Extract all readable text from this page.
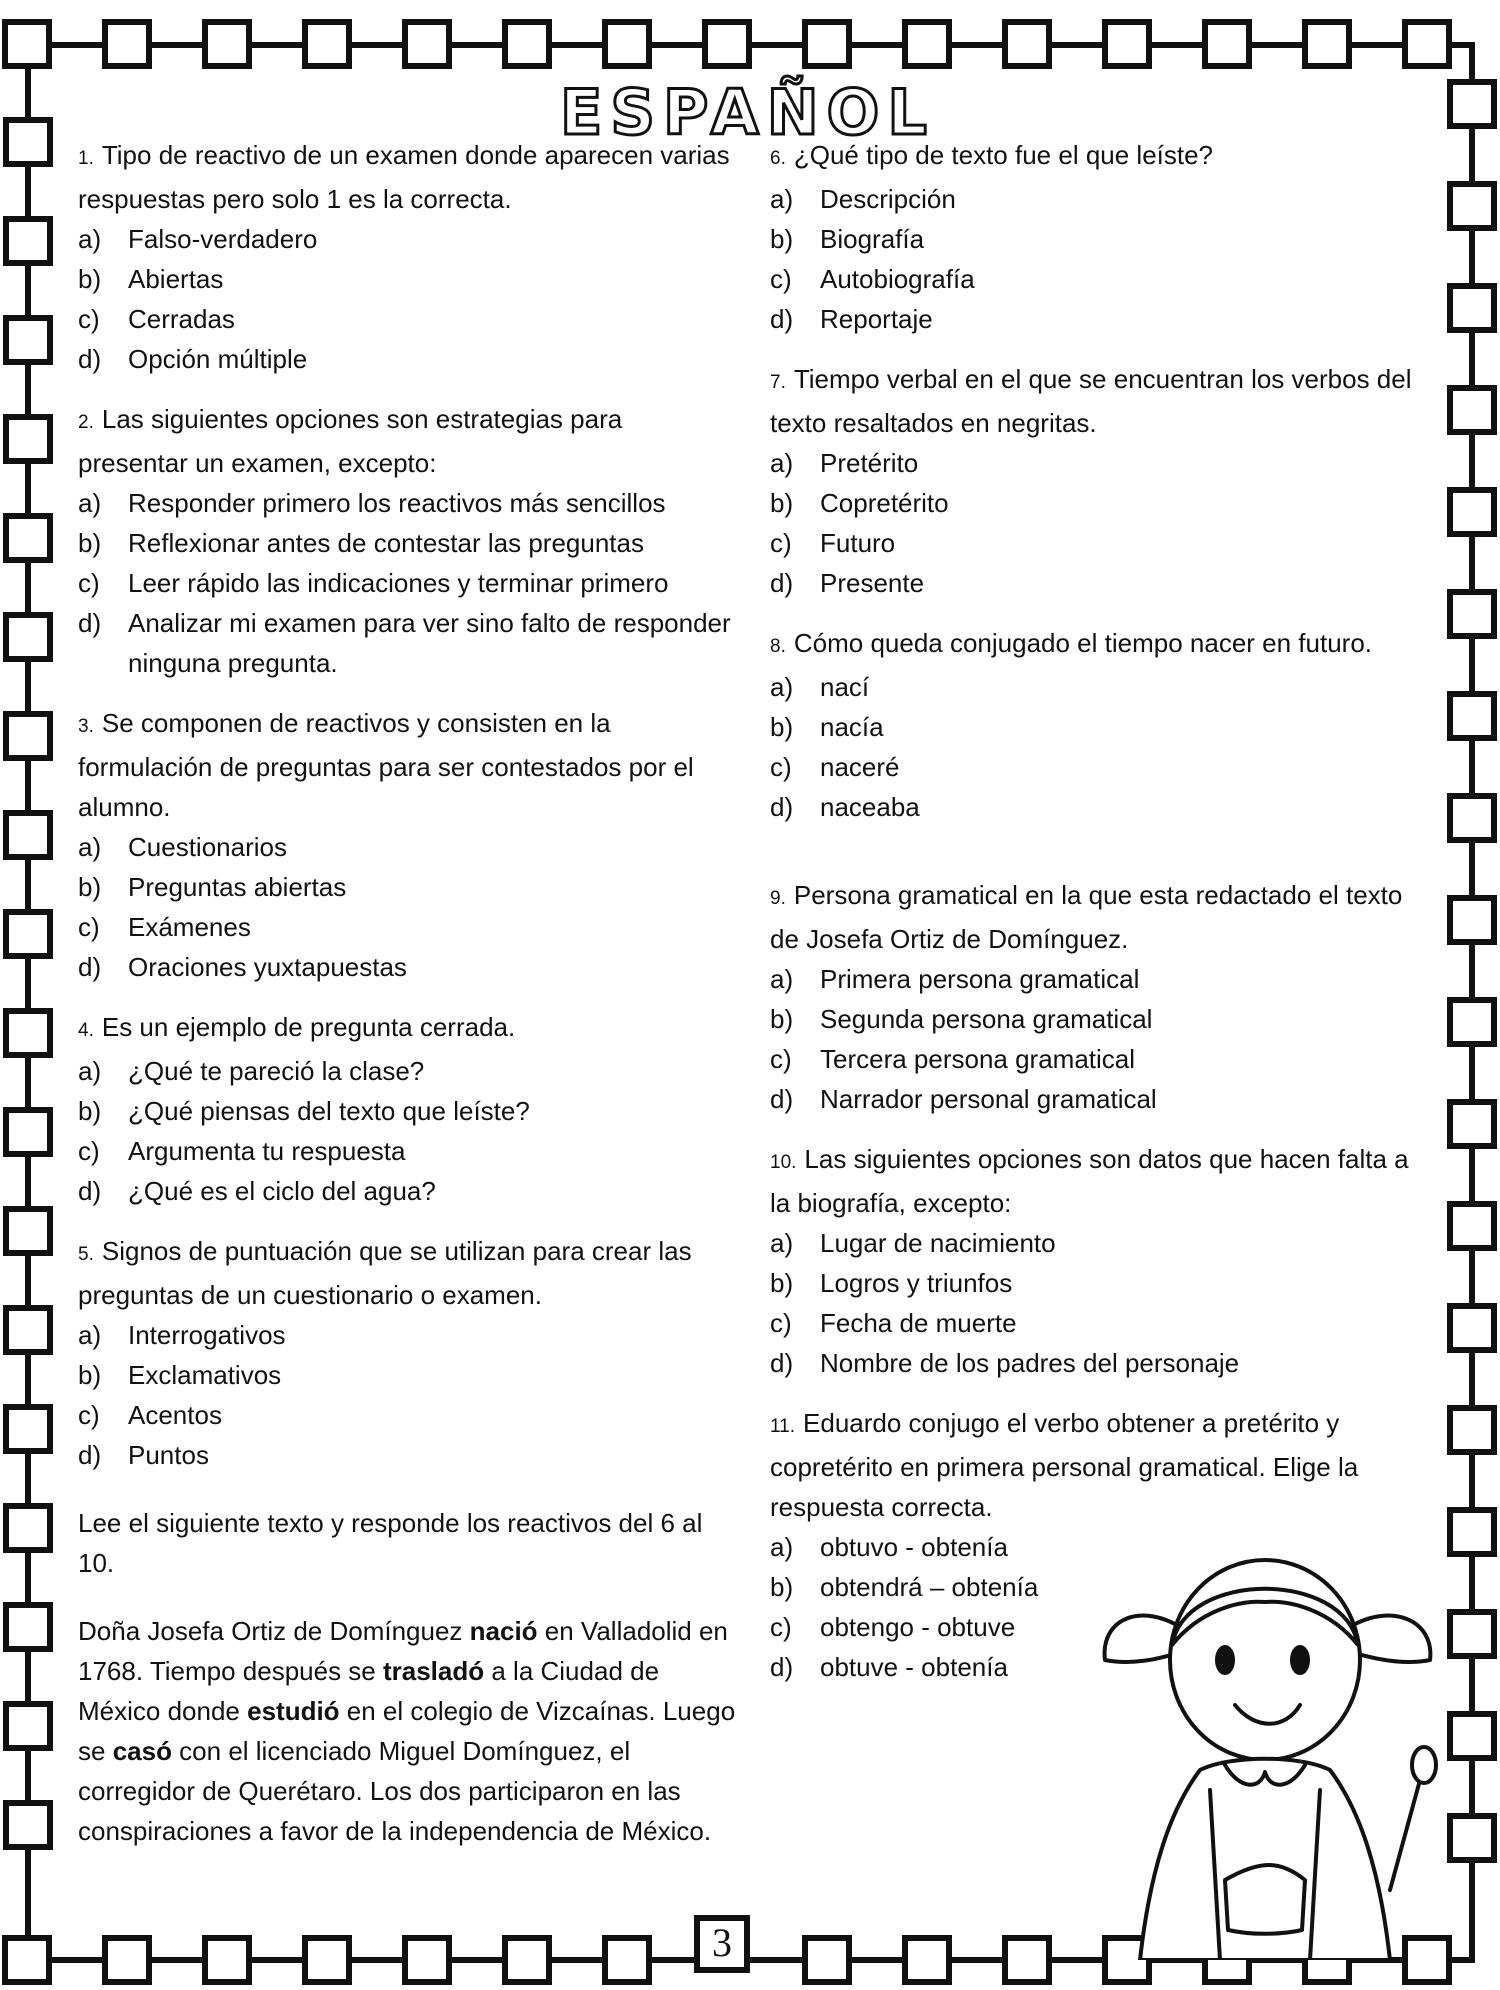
ESPAÑOL

1. Tipo de reactivo de un examen donde aparecen varias respuestas pero solo 1 es la correcta.

a)	Falso-verdadero
b)	Abiertas
c)	Cerradas
d)	Opción múltiple

2. Las siguientes opciones son estrategias para presentar un examen, excepto:

a)	Responder primero los reactivos más sencillos
b)	Reflexionar antes de contestar las preguntas
c)	Leer rápido las indicaciones y terminar primero
d)	Analizar mi examen para ver sino falto de responder ninguna pregunta.

3. Se componen de reactivos y consisten en la formulación de preguntas para ser contestados por el alumno.

a)	Cuestionarios
b)	Preguntas abiertas
c)	Exámenes
d)	Oraciones yuxtapuestas

4. Es un ejemplo de pregunta cerrada.

a)	¿Qué te pareció la clase?
b)	¿Qué piensas del texto que leíste?
c)	Argumenta tu respuesta
d)	¿Qué es el ciclo del agua?

5. Signos de puntuación que se utilizan para crear las preguntas de un cuestionario o examen.

a)	Interrogativos
b)	Exclamativos
c)	Acentos
d)	Puntos
Lee el siguiente texto y responde los reactivos del 6 al 10.
Doña Josefa Ortiz de Domínguez nació en Valladolid en 1768. Tiempo después se trasladó a la Ciudad de México donde estudió en el colegio de Vizcaínas. Luego se casó con el licenciado Miguel Domínguez, el corregidor de Querétaro. Los dos participaron en las conspiraciones a favor de la independencia de México.

6. ¿Qué tipo de texto fue el que leíste?

a)	Descripción
b)	Biografía
c)	Autobiografía
d)	Reportaje

7. Tiempo verbal en el que se encuentran los verbos del texto resaltados en negritas.

a)	Pretérito
b)	Copretérito
c)	Futuro
d)	Presente

8. Cómo queda conjugado el tiempo nacer en futuro.

a)	nací
b)	nacía
c)	naceré
d)	naceaba

9. Persona gramatical en la que esta redactado el texto de Josefa Ortiz de Domínguez.

a)	Primera persona gramatical
b)	Segunda persona gramatical
c)	Tercera persona gramatical
d)	Narrador personal gramatical

10. Las siguientes opciones son datos que hacen falta a la biografía, excepto:

a)	Lugar de nacimiento
b)	Logros y triunfos
c)	Fecha de muerte
d)	Nombre de los padres del personaje

11. Eduardo conjugo el verbo obtener a pretérito y copretérito en primera personal gramatical. Elige la respuesta correcta.

a)	obtuvo - obtenía
b)	obtendrá – obtenía
c)	obtengo - obtuve
d)	obtuve - obtenía
3
